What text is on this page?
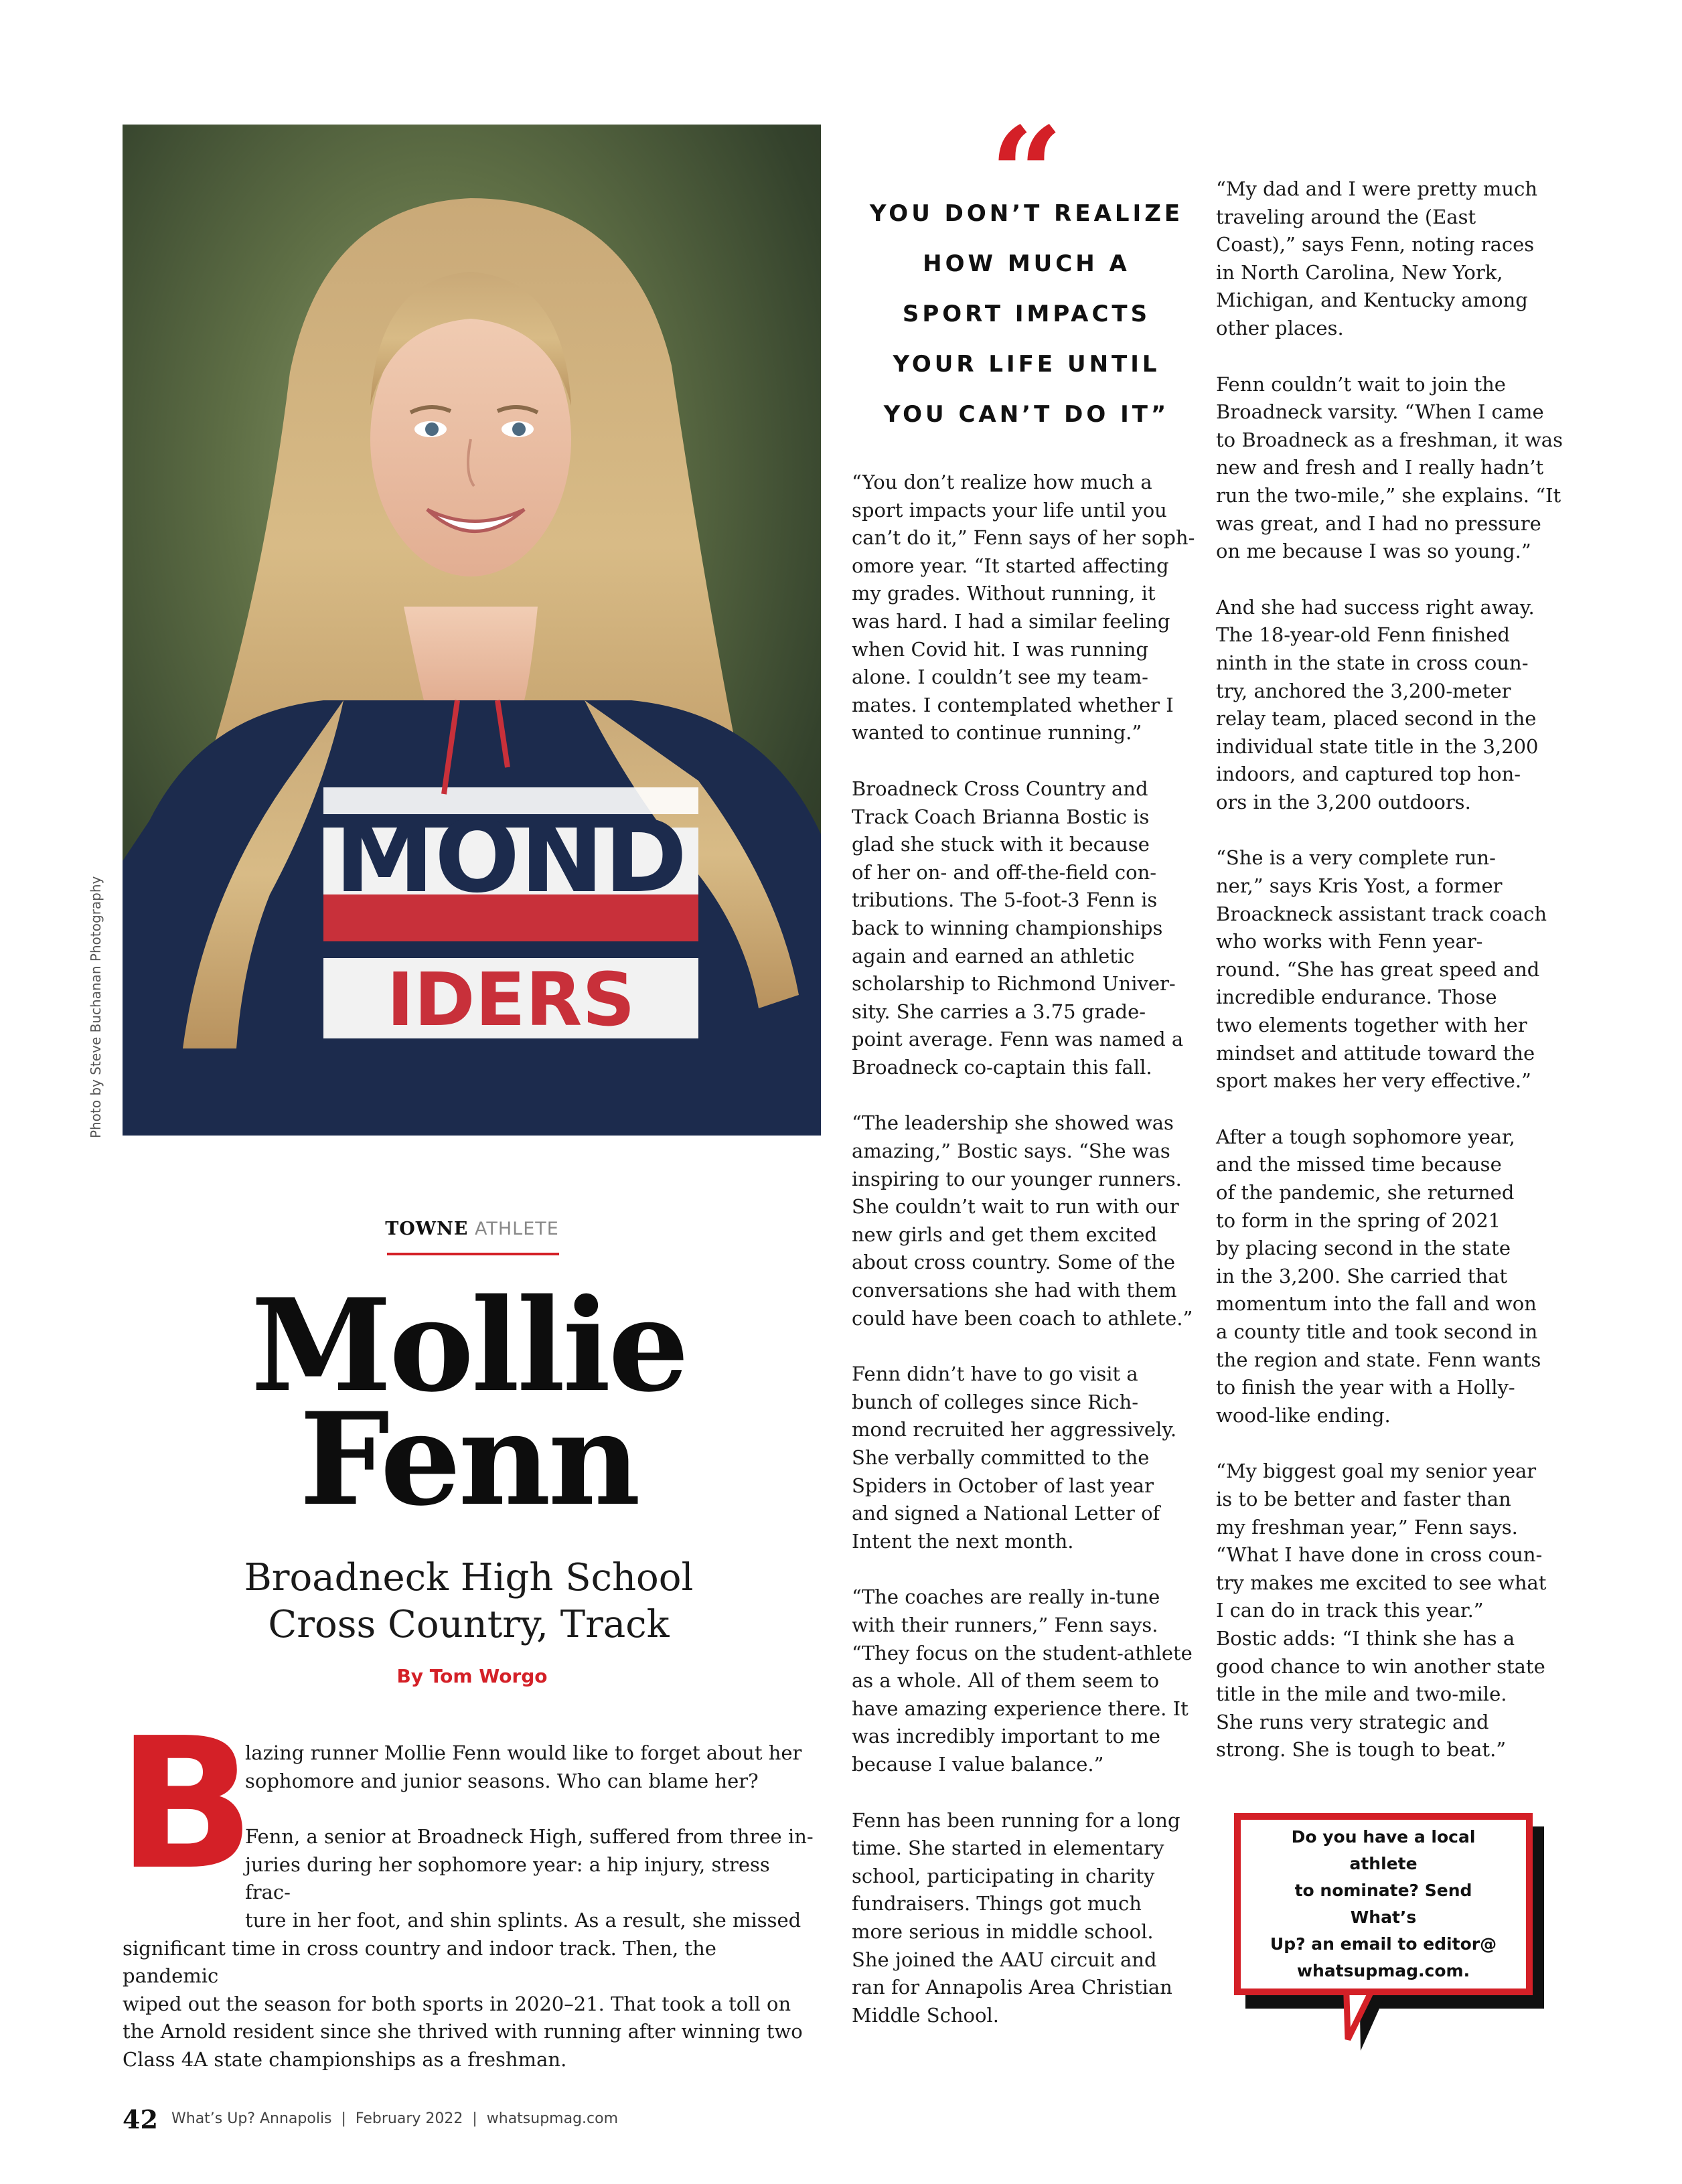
MOND
IDERS
Photo by Steve Buchanan Photography
“
YOU DON’T REALIZE
HOW MUCH A
SPORT IMPACTS
YOUR LIFE UNTIL
YOU CAN’T DO IT”

“You don’t realize how much a
sport impacts your life until you
can’t do it,” Fenn says of her soph-
omore year. “It started affecting
my grades. Without running, it
was hard. I had a similar feeling
when Covid hit. I was running
alone. I couldn’t see my team-
mates. I contemplated whether I
wanted to continue running.”

Broadneck Cross Country and
Track Coach Brianna Bostic is
glad she stuck with it because
of her on- and off-the-field con-
tributions. The 5-foot-3 Fenn is
back to winning championships
again and earned an athletic
scholarship to Richmond Univer-
sity. She carries a 3.75 grade-
point average. Fenn was named a
Broadneck co-captain this fall.

“The leadership she showed was
amazing,” Bostic says. “She was
inspiring to our younger runners.
She couldn’t wait to run with our
new girls and get them excited
about cross country. Some of the
conversations she had with them
could have been coach to athlete.”

Fenn didn’t have to go visit a
bunch of colleges since Rich-
mond recruited her aggressively.
She verbally committed to the
Spiders in October of last year
and signed a National Letter of
Intent the next month.

“The coaches are really in-tune
with their runners,” Fenn says.
“They focus on the student-athlete
as a whole. All of them seem to
have amazing experience there. It
was incredibly important to me
because I value balance.”

Fenn has been running for a long
time. She started in elementary
school, participating in charity
fundraisers. Things got much
more serious in middle school.
She joined the AAU circuit and
ran for Annapolis Area Christian
Middle School.

“My dad and I were pretty much
traveling around the (East
Coast),” says Fenn, noting races
in North Carolina, New York,
Michigan, and Kentucky among
other places.

Fenn couldn’t wait to join the
Broadneck varsity. “When I came
to Broadneck as a freshman, it was
new and fresh and I really hadn’t
run the two-mile,” she explains. “It
was great, and I had no pressure
on me because I was so young.”

And she had success right away.
The 18-year-old Fenn finished
ninth in the state in cross coun-
try, anchored the 3,200-meter
relay team, placed second in the
individual state title in the 3,200
indoors, and captured top hon-
ors in the 3,200 outdoors.

“She is a very complete run-
ner,” says Kris Yost, a former
Broackneck assistant track coach
who works with Fenn year-
round. “She has great speed and
incredible endurance. Those
two elements together with her
mindset and attitude toward the
sport makes her very effective.”

After a tough sophomore year,
and the missed time because
of the pandemic, she returned
to form in the spring of 2021
by placing second in the state
in the 3,200. She carried that
momentum into the fall and won
a county title and took second in
the region and state. Fenn wants
to finish the year with a Holly-
wood-like ending.

“My biggest goal my senior year
is to be better and faster than
my freshman year,” Fenn says.
“What I have done in cross coun-
try makes me excited to see what
I can do in track this year.”
Bostic adds: “I think she has a
good chance to win another state
title in the mile and two-mile.
She runs very strategic and
strong. She is tough to beat.”

TOWNE ATHLETE
Mollie
Fenn
Broadneck High School
Cross Country, Track
By Tom Worgo
B

lazing runner Mollie Fenn would like to forget about her
sophomore and junior seasons. Who can blame her?

Fenn, a senior at Broadneck High, suffered from three in-
juries during her sophomore year: a hip injury, stress frac-
ture in her foot, and shin splints. As a result, she missed

significant time in cross country and indoor track. Then, the pandemic
wiped out the season for both sports in 2020–21. That took a toll on
the Arnold resident since she thrived with running after winning two
Class 4A state championships as a freshman.

Do you have a local athlete
to nominate? Send What’s
Up? an email to editor@
whatsupmag.com.
42 What’s Up? Annapolis  |  February 2022  |  whatsupmag.com
